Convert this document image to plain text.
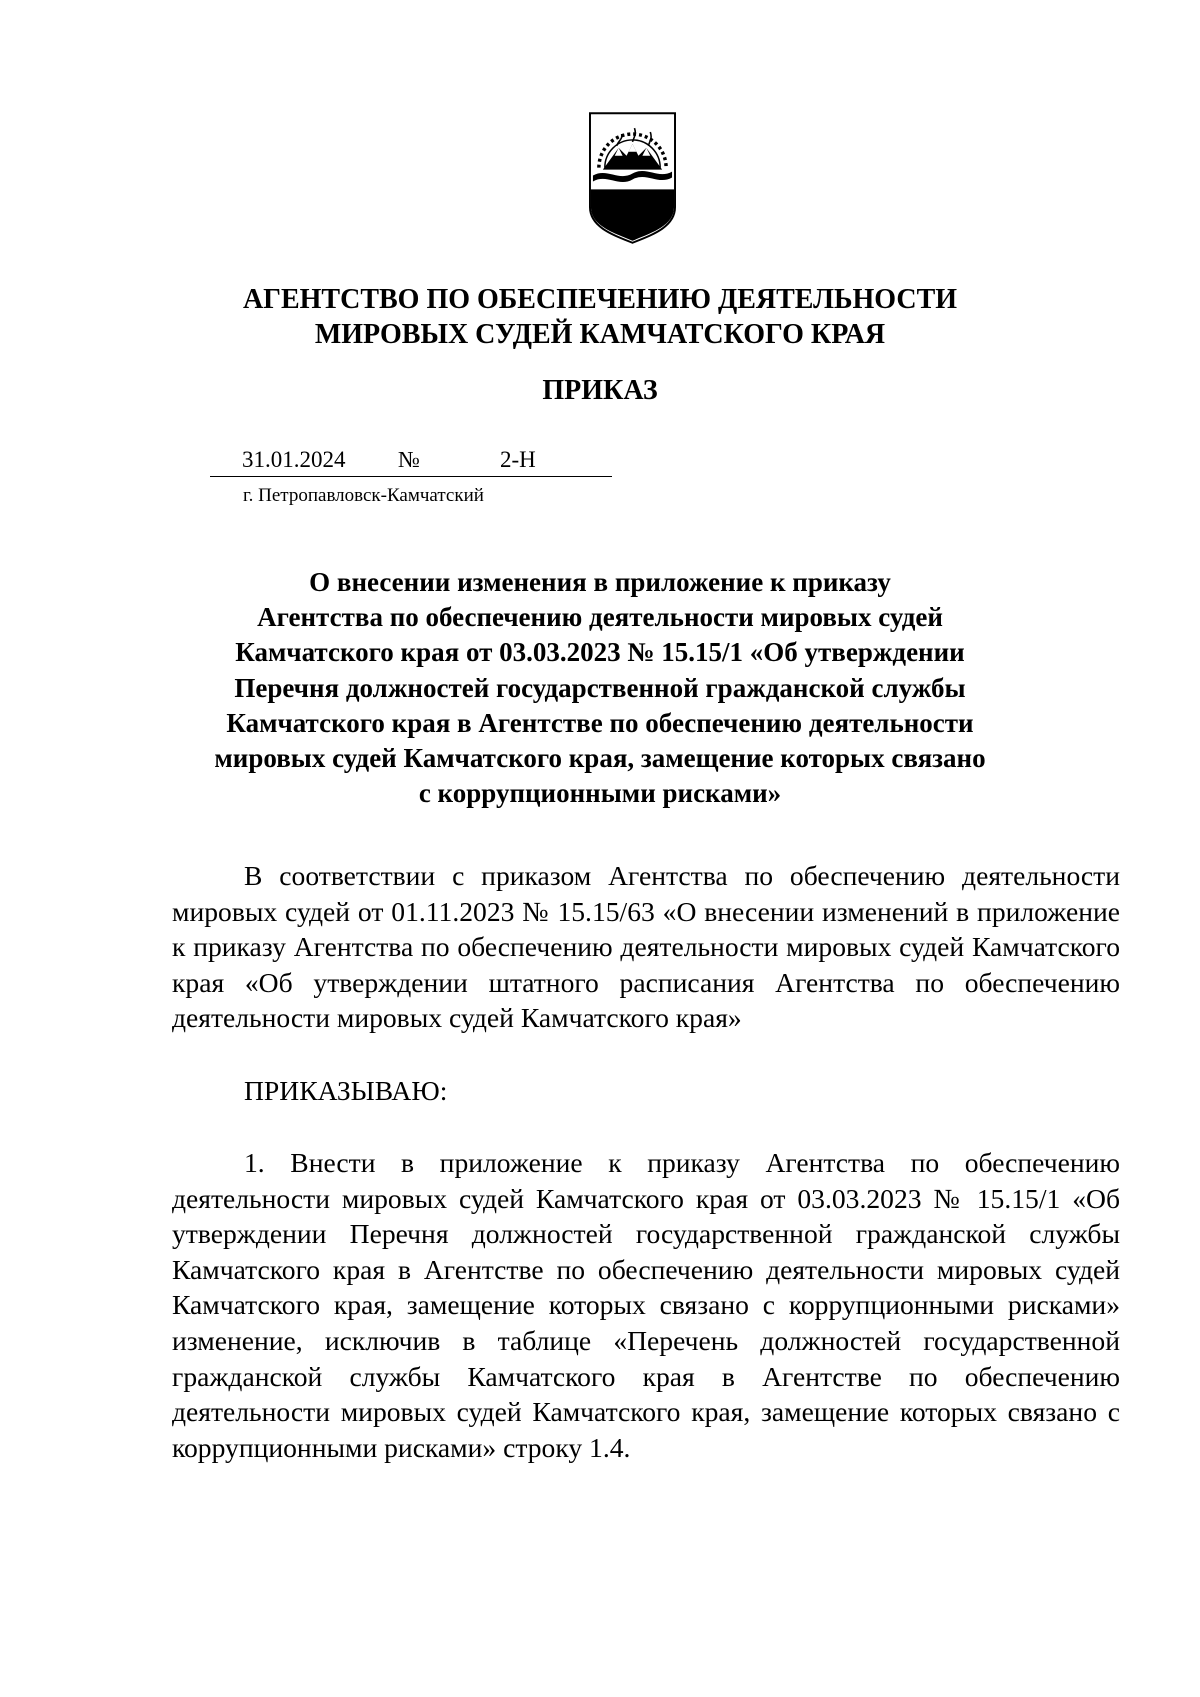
АГЕНТСТВО ПО ОБЕСПЕЧЕНИЮ ДЕЯТЕЛЬНОСТИ
МИРОВЫХ СУДЕЙ КАМЧАТСКОГО КРАЯ

ПРИКАЗ

31.01.2024 №	2-Н
г. Петропавловск-Камчатский

О внесении изменения в приложение к приказу
Агентства по обеспечению деятельности мировых судей
Камчатского края от 03.03.2023 № 15.15/1 «Об утверждении
Перечня должностей государственной гражданской службы
Камчатского края в Агентстве по обеспечению деятельности
мировых судей Камчатского края, замещение которых связано
с коррупционными рисками»

В соответствии с приказом Агентства по обеспечению деятельности мировых судей от 01.11.2023 № 15.15/63 «О внесении изменений в приложение к приказу Агентства по обеспечению деятельности мировых судей Камчатского края «Об утверждении штатного расписания Агентства по обеспечению деятельности мировых судей Камчатского края»

ПРИКАЗЫВАЮ:

1. Внести в приложение к приказу Агентства по обеспечению деятельности мировых судей Камчатского края от 03.03.2023 № 15.15/1 «Об утверждении Перечня должностей государственной гражданской службы Камчатского края в Агентстве по обеспечению деятельности мировых судей Камчатского края, замещение которых связано с коррупционными рисками» изменение, исключив в таблице «Перечень должностей государственной гражданской службы Камчатского края в Агентстве по обеспечению деятельности мировых судей Камчатского края, замещение которых связано с коррупционными рисками» строку 1.4.
